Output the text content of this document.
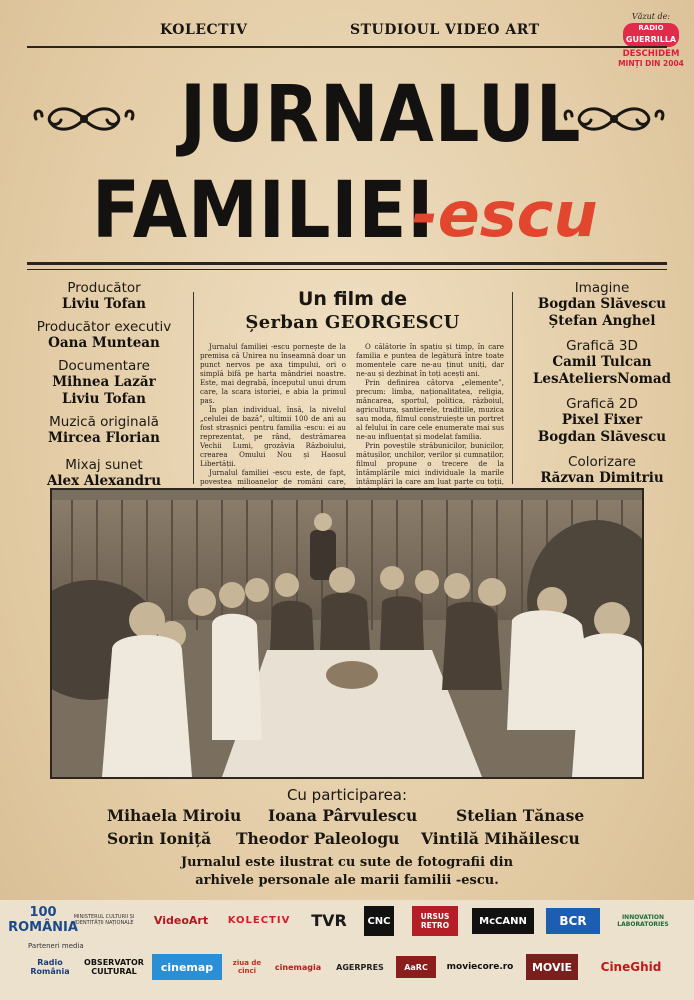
KOLECTIV	STUDIOUL VIDEO ART
Văzut de:
RADIO
GUERRILLA
DESCHIDEM
MINȚI DIN 2004
JURNALUL
FAMILIEI
-escu
Producător
Liviu Tofan
Producător executiv
Oana Muntean
Documentare
Mihnea Lazăr
Liviu Tofan
Muzică originală
Mircea Florian
Mixaj sunet
Alex Alexandru
Un film de
Șerban GEORGESCU

Jurnalul familiei -escu pornește de la premisa că Unirea nu înseamnă doar un punct nervos pe axa timpului, ori o simplă bifă pe harta mândriei noastre. Este, mai degrabă, începutul unui drum care, la scara istoriei, e abia la primul pas.

În plan individual, însă, la nivelul „celulei de bază”, ultimii 100 de ani au fost strașnici pentru familia -escu: ei au reprezentat, pe rând, destrămarea Vechii Lumi, grozăvia Războiului, crearea Omului Nou și Haosul Libertății.

Jurnalul familiei -escu este, de fapt, povestea milioanelor de români care,

O călătorie în spațiu și timp, în care familia e puntea de legătură între toate momentele care ne-au ținut uniți, dar ne-au și dezbinat în toți acești ani.

Prin definirea câtorva „elemente”, precum: limba, naționalitatea, religia, mâncarea, sportul, politica, războiul, agricultura, șantierele, tradițiile, muzica sau moda, filmul construiește un portret al felului în care cele enumerate mai sus ne-au influențat și modelat familia.

Prin poveștile străbunicilor, bunicilor, mătușilor, unchilor, verilor și cumnaților, filmul propune o trecere de la întâmplările mici individuale la marile întâmplări la care am luat parte cu toții,

Imagine
Bogdan Slăvescu
Ștefan Anghel
Grafică 3D
Camil Tulcan
LesAteliersNomad
Grafică 2D
Pixel Fixer
Bogdan Slăvescu
Colorizare
Răzvan Dimitriu
Cu participarea:
Mihaela Miroiu Ioana Pârvulescu	Stelian Tănase
Sorin Ioniță Theodor Paleologu Vintilă Mihăilescu
Jurnalul este ilustrat cu sute de fotografii din
arhivele personale ale marii familii -escu.
100 ROMÂNIA
MINISTERUL CULTURII ȘI IDENTITĂȚII NAȚIONALE	VideoArt	KOLECTIV	TVR	CNC	URSUS RETRO	McCANN	BCR	INNOVATION LABORATORIES
Parteneri media
Radio România
OBSERVATOR CULTURAL	cinemap	ziua de cinci	cinemagia	AGERPRES	AaRC	moviecore.ro	MOVIE	CineGhid
